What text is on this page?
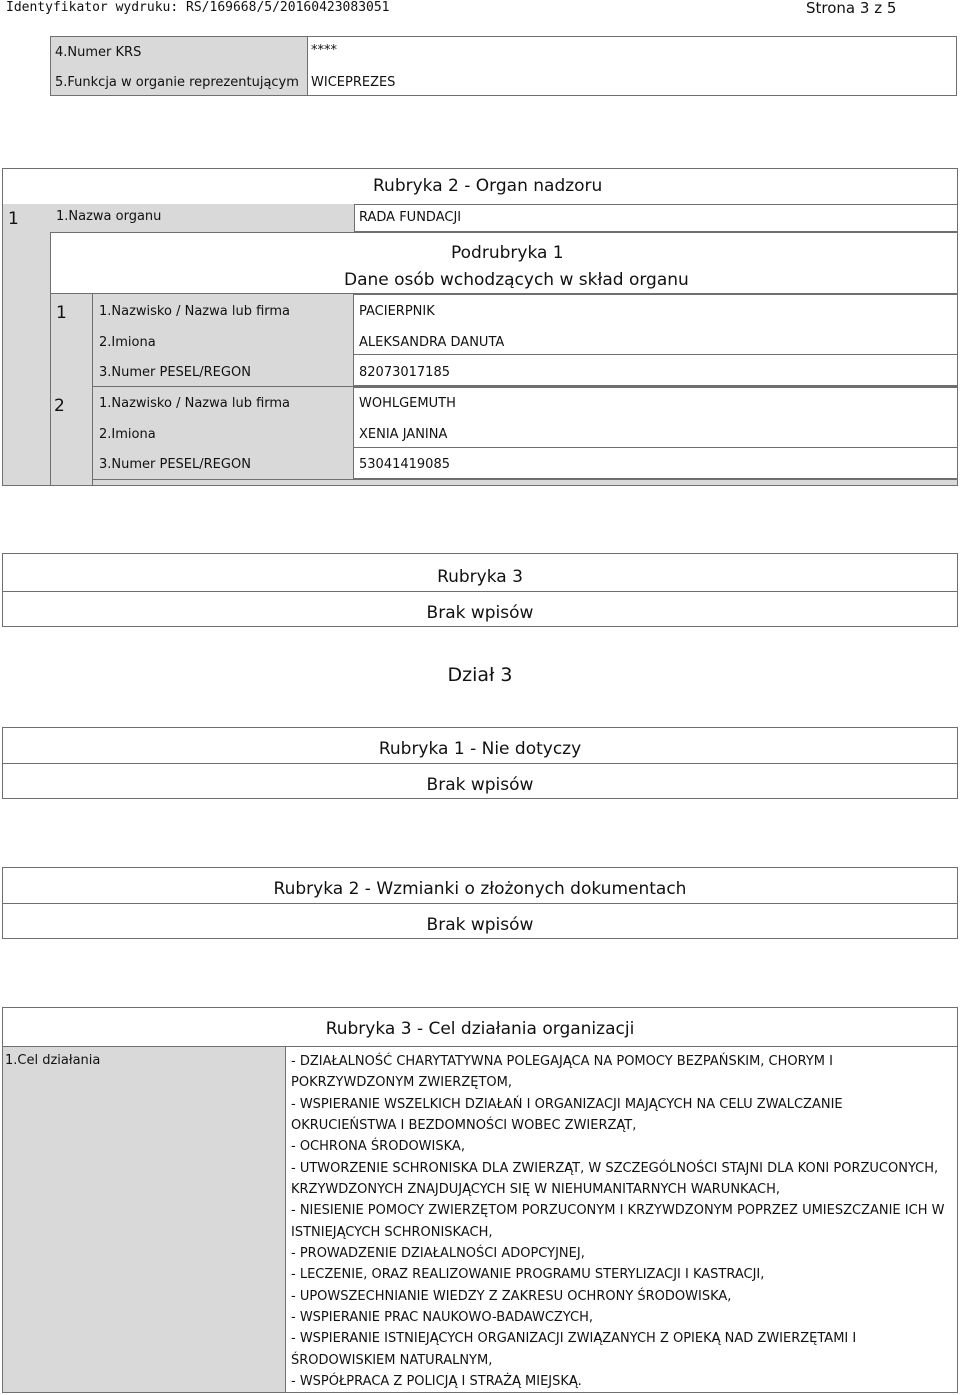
Identyfikator wydruku: RS/169668/5/20160423083051	Strona 3 z 5
4.Numer KRS	****
5.Funkcja w organie reprezentującym WICEPREZES
Rubryka 2 - Organ nadzoru
1	1.Nazwa organu	RADA FUNDACJI
Podrubryka 1
Dane osób wchodzących w skład organu
1 1.Nazwisko / Nazwa lub firma	PACIERPNIK
2.Imiona	ALEKSANDRA DANUTA
3.Numer PESEL/REGON	82073017185
2	1.Nazwisko / Nazwa lub firma	WOHLGEMUTH
2.Imiona	XENIA JANINA
3.Numer PESEL/REGON	53041419085
Rubryka 3
Brak wpisów
Dział 3
Rubryka 1 - Nie dotyczy
Brak wpisów
Rubryka 2 - Wzmianki o złożonych dokumentach
Brak wpisów
Rubryka 3 - Cel działania organizacji
1.Cel działania	- DZIAŁALNOŚĆ CHARYTATYWNA POLEGAJĄCA NA POMOCY BEZPAŃSKIM, CHORYM I
POKRZYWDZONYM ZWIERZĘTOM,
- WSPIERANIE WSZELKICH DZIAŁAŃ I ORGANIZACJI MAJĄCYCH NA CELU ZWALCZANIE
OKRUCIEŃSTWA I BEZDOMNOŚCI WOBEC ZWIERZĄT,
- OCHRONA ŚRODOWISKA,
- UTWORZENIE SCHRONISKA DLA ZWIERZĄT, W SZCZEGÓLNOŚCI STAJNI DLA KONI PORZUCONYCH,
KRZYWDZONYCH ZNAJDUJĄCYCH SIĘ W NIEHUMANITARNYCH WARUNKACH,
- NIESIENIE POMOCY ZWIERZĘTOM PORZUCONYM I KRZYWDZONYM POPRZEZ UMIESZCZANIE ICH W
ISTNIEJĄCYCH SCHRONISKACH,
- PROWADZENIE DZIAŁALNOŚCI ADOPCYJNEJ,
- LECZENIE, ORAZ REALIZOWANIE PROGRAMU STERYLIZACJI I KASTRACJI,
- UPOWSZECHNIANIE WIEDZY Z ZAKRESU OCHRONY ŚRODOWISKA,
- WSPIERANIE PRAC NAUKOWO-BADAWCZYCH,
- WSPIERANIE ISTNIEJĄCYCH ORGANIZACJI ZWIĄZANYCH Z OPIEKĄ NAD ZWIERZĘTAMI I
ŚRODOWISKIEM NATURALNYM,
- WSPÓŁPRACA Z POLICJĄ I STRAŻĄ MIEJSKĄ.
